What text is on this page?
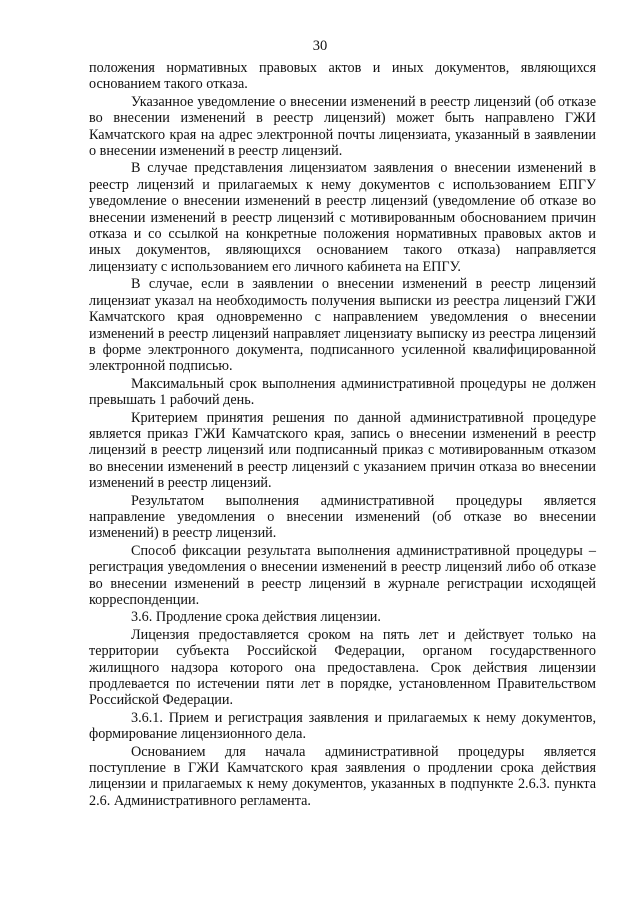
30

положения нормативных правовых актов и иных документов, являющихся основанием такого отказа.

Указанное уведомление о внесении изменений в реестр лицензий (об отказе во внесении изменений в реестр лицензий) может быть направлено ГЖИ Камчатского края на адрес электронной почты лицензиата, указанный в заявлении о внесении изменений в реестр лицензий.

В случае представления лицензиатом заявления о внесении изменений в реестр лицензий и прилагаемых к нему документов с использованием ЕПГУ уведомление о внесении изменений в реестр лицензий (уведомление об отказе во внесении изменений в реестр лицензий с мотивированным обоснованием причин отказа и со ссылкой на конкретные положения нормативных правовых актов и иных документов, являющихся основанием такого отказа) направляется лицензиату с использованием его личного кабинета на ЕПГУ.

В случае, если в заявлении о внесении изменений в реестр лицензий лицензиат указал на необходимость получения выписки из реестра лицензий ГЖИ Камчатского края одновременно с направлением уведомления о внесении изменений в реестр лицензий направляет лицензиату выписку из реестра лицензий в форме электронного документа, подписанного усиленной квалифицированной электронной подписью.

Максимальный срок выполнения административной процедуры не должен превышать 1 рабочий день.

Критерием принятия решения по данной административной процедуре является приказ ГЖИ Камчатского края, запись о внесении изменений в реестр лицензий в реестр лицензий или подписанный приказ с мотивированным отказом во внесении изменений в реестр лицензий с указанием причин отказа во внесении изменений в реестр лицензий.

Результатом выполнения административной процедуры является направление уведомления о внесении изменений (об отказе во внесении изменений) в реестр лицензий.

Способ фиксации результата выполнения административной процедуры – регистрация уведомления о внесении изменений в реестр лицензий либо об отказе во внесении изменений в реестр лицензий в журнале регистрации исходящей корреспонденции.

3.6. Продление срока действия лицензии.

Лицензия предоставляется сроком на пять лет и действует только на территории субъекта Российской Федерации, органом государственного жилищного надзора которого она предоставлена. Срок действия лицензии продлевается по истечении пяти лет в порядке, установленном Правительством Российской Федерации.

3.6.1. Прием и регистрация заявления и прилагаемых к нему документов, формирование лицензионного дела.

Основанием для начала административной процедуры является поступление в ГЖИ Камчатского края заявления о продлении срока действия лицензии и прилагаемых к нему документов, указанных в подпункте 2.6.3. пункта 2.6. Административного регламента.
